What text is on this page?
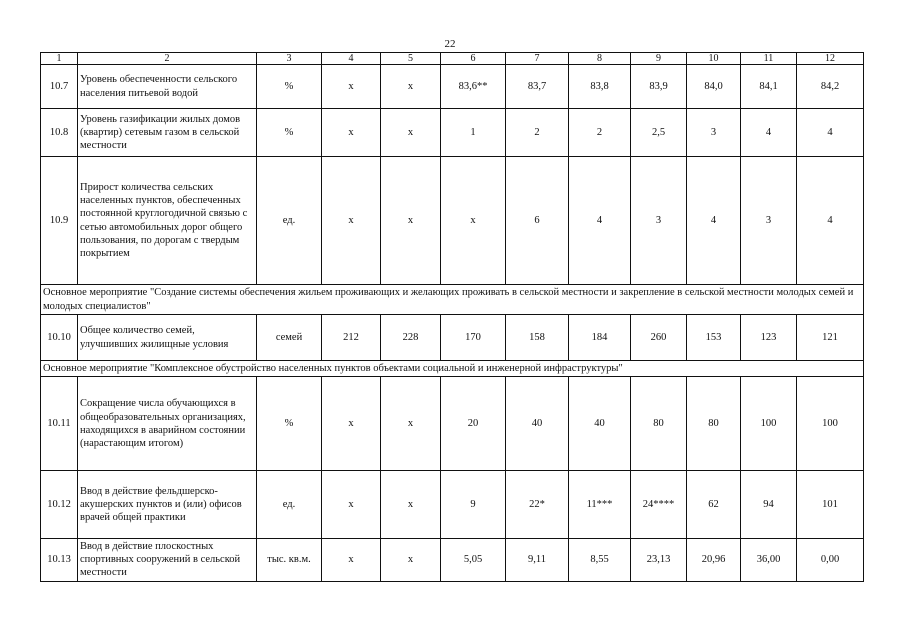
22
1	2	3	4	5	6	7	8	9	10	11	12
10.7	Уровень обеспеченности сельского населения питьевой водой	%	x	x	83,6**	83,7	83,8	83,9	84,0	84,1	84,2
10.8	Уровень газификации жилых домов (квартир) сетевым газом в сельской местности	%	x	x	1	2	2	2,5	3	4	4
10.9	Прирост количества сельских населенных пунктов, обеспеченных постоянной круглогодичной связью с сетью автомобильных дорог общего пользования, по дорогам с твердым покрытием	ед.	x	x	x	6	4	3	4	3	4
Основное мероприятие "Создание системы обеспечения жильем проживающих и желающих проживать в сельской местности и закрепление в сельской местности молодых семей и молодых специалистов"											
10.10	Общее количество семей, улучшивших жилищные условия	семей	212	228	170	158	184	260	153	123	121
Основное мероприятие "Комплексное обустройство населенных пунктов объектами социальной и инженерной инфраструктуры"											
10.11	Сокращение числа обучающихся в общеобразовательных организациях, находящихся в аварийном состоянии (нарастающим итогом)	%	x	x	20	40	40	80	80	100	100
10.12	Ввод в действие фельдшерско-акушерских пунктов и (или) офисов врачей общей практики	ед.	x	x	9	22*	11***	24****	62	94	101
10.13	Ввод в действие плоскостных спортивных сооружений в сельской местности	тыс. кв.м.	x	x	5,05	9,11	8,55	23,13	20,96	36,00	0,00
